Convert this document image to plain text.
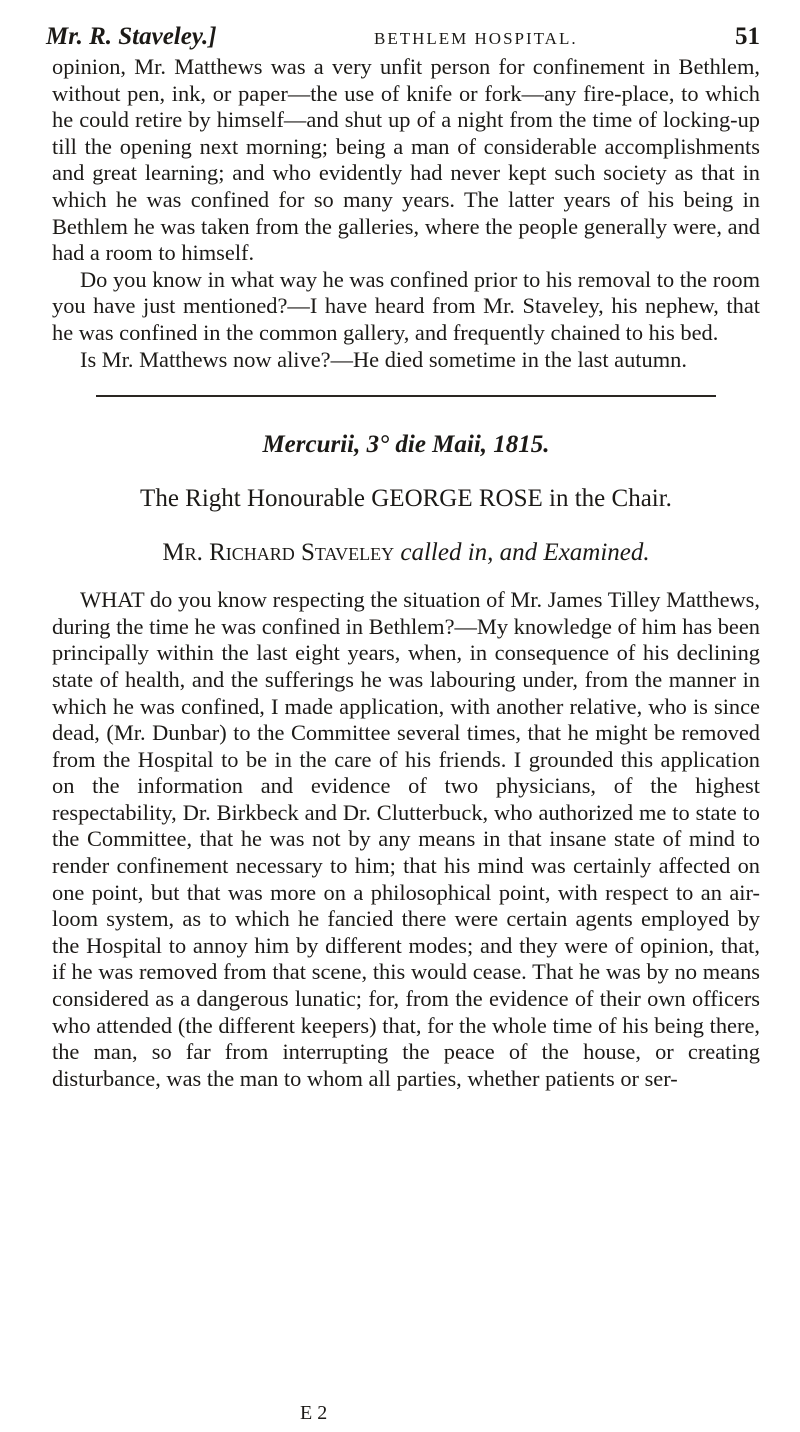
Mr. R. Staveley.]	BETHLEM HOSPITAL.	51

opinion, Mr. Matthews was a very unfit person for confinement in Bethlem, without pen, ink, or paper—the use of knife or fork—any fire-place, to which he could retire by himself—and shut up of a night from the time of locking-up till the opening next morning; being a man of considerable accomplishments and great learning; and who evidently had never kept such society as that in which he was confined for so many years. The latter years of his being in Bethlem he was taken from the galleries, where the people generally were, and had a room to himself.

Do you know in what way he was confined prior to his removal to the room you have just mentioned?—I have heard from Mr. Staveley, his nephew, that he was confined in the common gallery, and frequently chained to his bed.

Is Mr. Matthews now alive?—He died sometime in the last autumn.

Mercurii, 3° die Maii, 1815.

The Right Honourable GEORGE ROSE in the Chair.

Mr. Richard Staveley called in, and Examined.

WHAT do you know respecting the situation of Mr. James Tilley Matthews, during the time he was confined in Bethlem?—My knowledge of him has been principally within the last eight years, when, in consequence of his declining state of health, and the sufferings he was labouring under, from the manner in which he was confined, I made application, with another relative, who is since dead, (Mr. Dunbar) to the Committee several times, that he might be removed from the Hospital to be in the care of his friends. I grounded this application on the information and evidence of two physicians, of the highest respectability, Dr. Birkbeck and Dr. Clutterbuck, who authorized me to state to the Committee, that he was not by any means in that insane state of mind to render confinement necessary to him; that his mind was certainly affected on one point, but that was more on a philosophical point, with respect to an air-loom system, as to which he fancied there were certain agents employed by the Hospital to annoy him by different modes; and they were of opinion, that, if he was removed from that scene, this would cease. That he was by no means considered as a dangerous lunatic; for, from the evidence of their own officers who attended (the different keepers) that, for the whole time of his being there, the man, so far from interrupting the peace of the house, or creating disturbance, was the man to whom all parties, whether patients or ser-

E 2
